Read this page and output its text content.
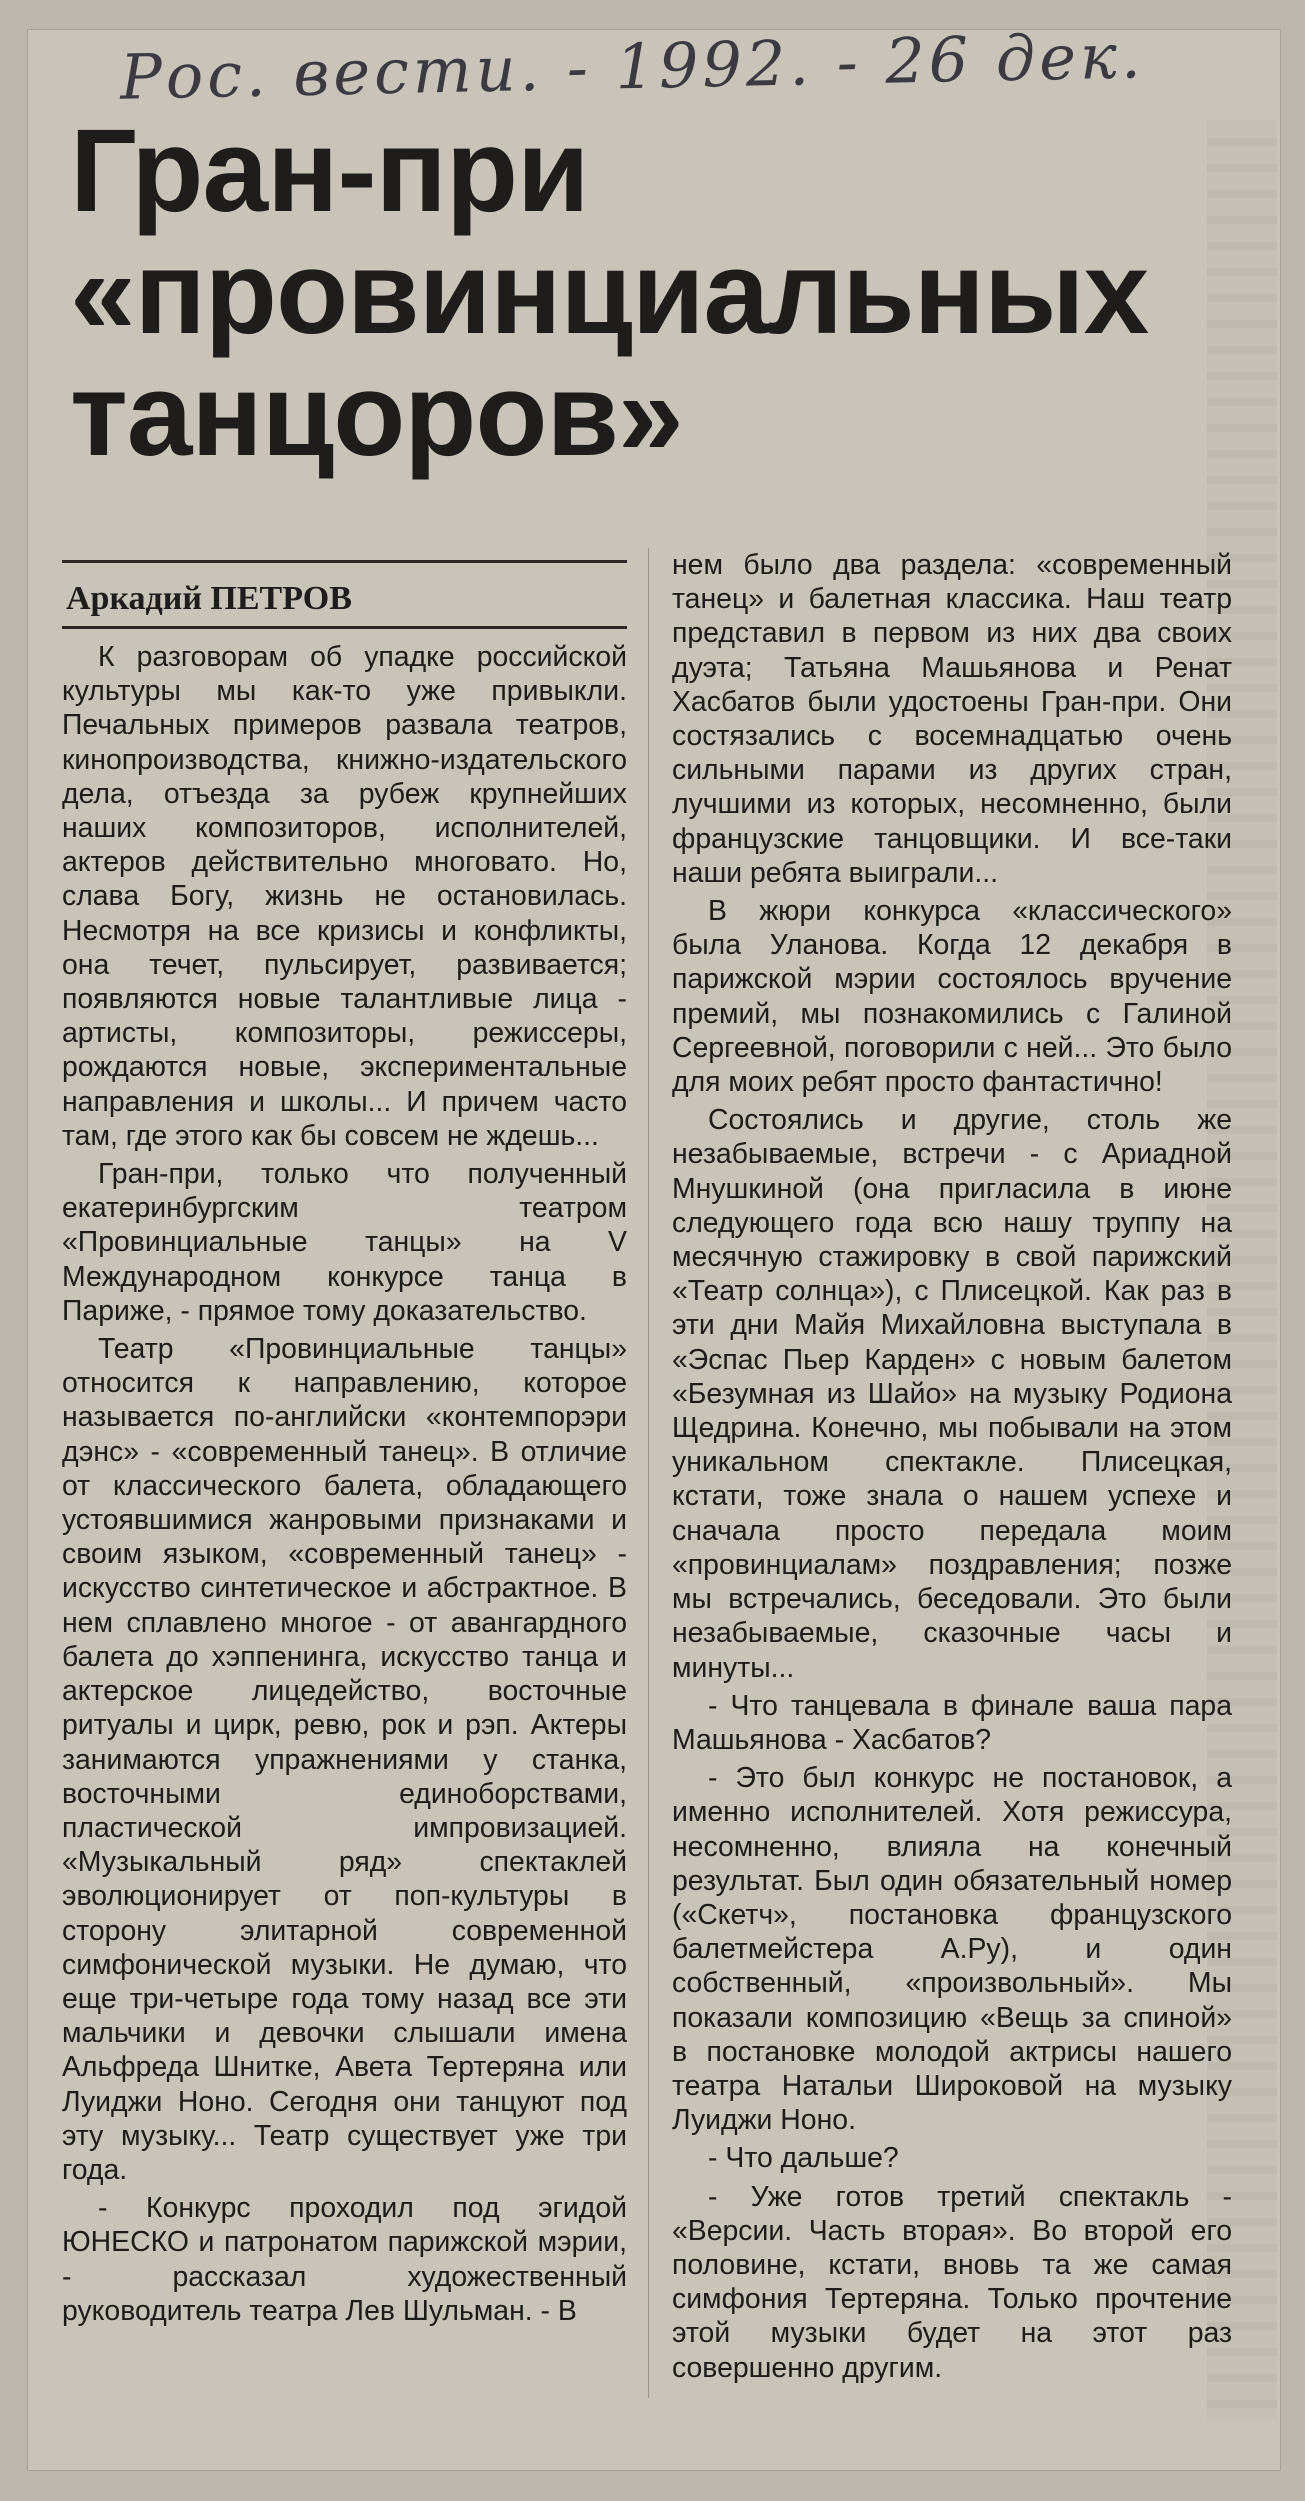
Рос. вести. - 1992. - 26 дек.
Гран-при
«провинциальных
танцоров»
Аркадий ПЕТРОВ

К разговорам об упадке российской культуры мы как-то уже привыкли. Печальных примеров развала театров, кинопроизводства, книжно-издательского дела, отъезда за рубеж крупнейших наших композиторов, исполнителей, актеров действительно многовато. Но, слава Богу, жизнь не остановилась. Несмотря на все кризисы и конфликты, она течет, пульсирует, развивается; появляются новые талантливые лица - артисты, композиторы, режиссеры, рождаются новые, экспериментальные направления и школы... И причем часто там, где этого как бы совсем не ждешь...

Гран-при, только что полученный екатеринбургским театром «Провинциальные танцы» на V Международном конкурсе танца в Париже, - прямое тому доказательство.

Театр «Провинциальные танцы» относится к направлению, которое называется по-английски «контемпорэри дэнс» - «современный танец». В отличие от классического балета, обладающего устоявшимися жанровыми признаками и своим языком, «современный танец» - искусство синтетическое и абстрактное. В нем сплавлено многое - от авангардного балета до хэппенинга, искусство танца и актерское лицедейство, восточные ритуалы и цирк, ревю, рок и рэп. Актеры занимаются упражнениями у станка, восточными единоборствами, пластической импровизацией. «Музыкальный ряд» спектаклей эволюционирует от поп-культуры в сторону элитарной современной симфонической музыки. Не думаю, что еще три-четыре года тому назад все эти мальчики и девочки слышали имена Альфреда Шнитке, Авета Тертеряна или Луиджи Ноно. Сегодня они танцуют под эту музыку... Театр существует уже три года.

- Конкурс проходил под эгидой ЮНЕСКО и патронатом парижской мэрии, - рассказал художественный руководитель театра Лев Шульман. - В

нем было два раздела: «современный танец» и балетная классика. Наш театр представил в первом из них два своих дуэта; Татьяна Машьянова и Ренат Хасбатов были удостоены Гран-при. Они состязались с восемнадцатью очень сильными парами из других стран, лучшими из которых, несомненно, были французские танцовщики. И все-таки наши ребята выиграли...

В жюри конкурса «классического» была Уланова. Когда 12 декабря в парижской мэрии состоялось вручение премий, мы познакомились с Галиной Сергеевной, поговорили с ней... Это было для моих ребят просто фантастично!

Состоялись и другие, столь же незабываемые, встречи - с Ариадной Мнушкиной (она пригласила в июне следующего года всю нашу труппу на месячную стажировку в свой парижский «Театр солнца»), с Плисецкой. Как раз в эти дни Майя Михайловна выступала в «Эспас Пьер Карден» с новым балетом «Безумная из Шайо» на музыку Родиона Щедрина. Конечно, мы побывали на этом уникальном спектакле. Плисецкая, кстати, тоже знала о нашем успехе и сначала просто передала моим «провинциалам» поздравления; позже мы встречались, беседовали. Это были незабываемые, сказочные часы и минуты...

- Что танцевала в финале ваша пара Машьянова - Хасбатов?

- Это был конкурс не постановок, а именно исполнителей. Хотя режиссура, несомненно, влияла на конечный результат. Был один обязательный номер («Скетч», постановка французского балетмейстера А.Ру), и один собственный, «произвольный». Мы показали композицию «Вещь за спиной» в постановке молодой актрисы нашего театра Натальи Широковой на музыку Луиджи Ноно.

- Что дальше?

- Уже готов третий спектакль - «Версии. Часть вторая». Во второй его половине, кстати, вновь та же самая симфония Тертеряна. Только прочтение этой музыки будет на этот раз совершенно другим.
